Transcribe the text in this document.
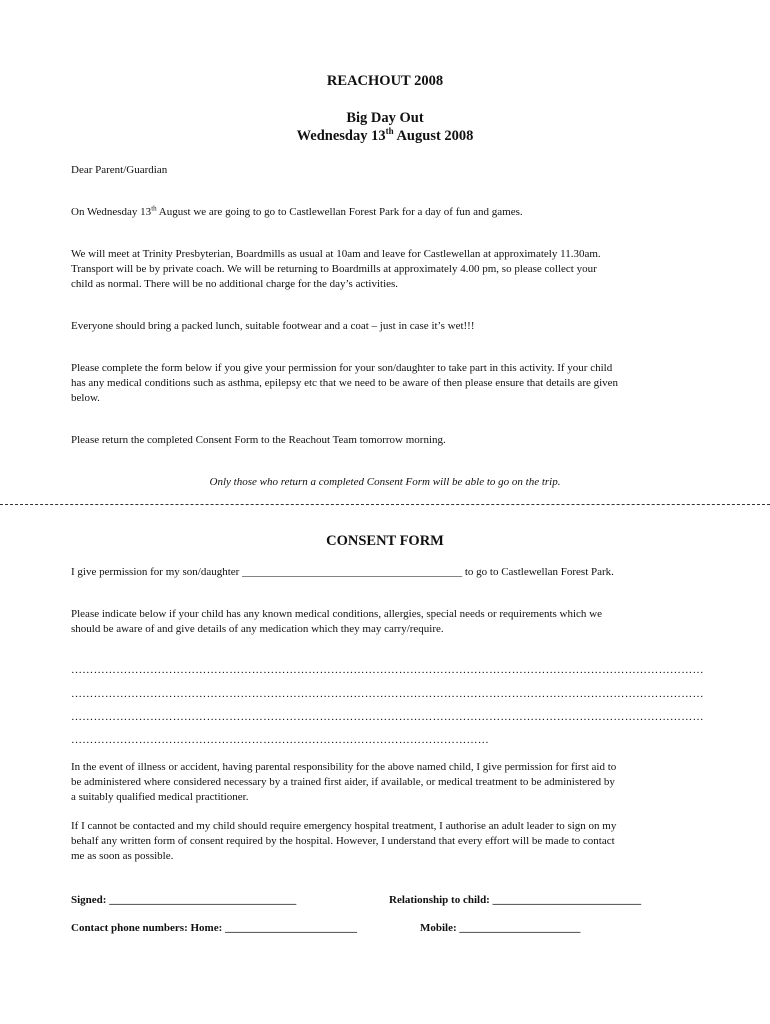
REACHOUT 2008
Big Day Out
Wednesday 13th August 2008
Dear Parent/Guardian
On Wednesday 13th August we are going to go to Castlewellan Forest Park for a day of fun and games.
We will meet at Trinity Presbyterian, Boardmills as usual at 10am and leave for Castlewellan at approximately 11.30am.
Transport will be by private coach. We will be returning to Boardmills at approximately 4.00 pm, so please collect your
child as normal. There will be no additional charge for the day’s activities.
Everyone should bring a packed lunch, suitable footwear and a coat – just in case it’s wet!!!
Please complete the form below if you give your permission for your son/daughter to take part in this activity. If your child
has any medical conditions such as asthma, epilepsy etc that we need to be aware of then please ensure that details are given
below.
Please return the completed Consent Form to the Reachout Team tomorrow morning.
Only those who return a completed Consent Form will be able to go on the trip.
CONSENT FORM
I give permission for my son/daughter ________________________________________ to go to Castlewellan Forest Park.
Please indicate below if your child has any known medical conditions, allergies, special needs or requirements which we
should be aware of and give details of any medication which they may carry/require.
……………………………………………………………………………………………………………………………………………………
……………………………………………………………………………………………………………………………………………………
……………………………………………………………………………………………………………………………………………………
…………………………………………………………………………………………………
In the event of illness or accident, having parental responsibility for the above named child, I give permission for first aid to
be administered where considered necessary by a trained first aider, if available, or medical treatment to be administered by
a suitably qualified medical practitioner.
If I cannot be contacted and my child should require emergency hospital treatment, I authorise an adult leader to sign on my
behalf any written form of consent required by the hospital. However, I understand that every effort will be made to contact
me as soon as possible.
Signed: __________________________________	Relationship to child: ___________________________
Contact phone numbers: Home: ________________________	Mobile: ______________________
